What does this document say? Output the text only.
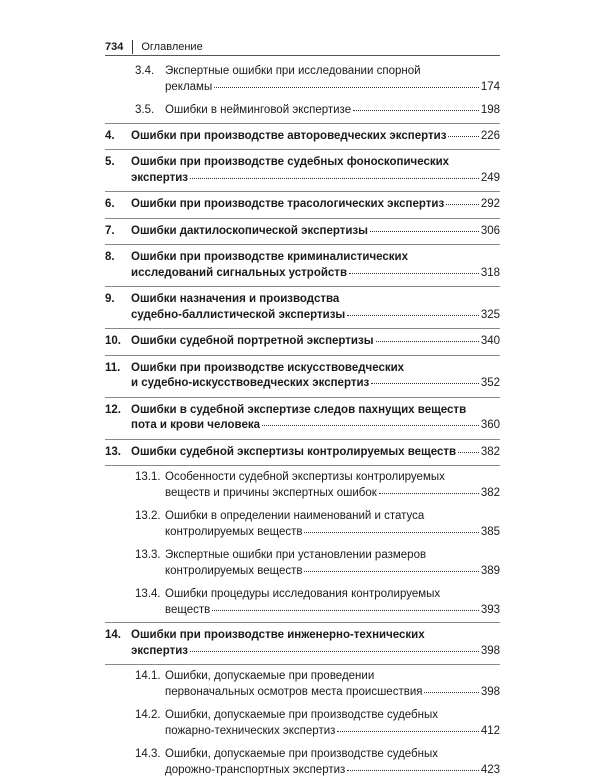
734 Оглавление
3.4. Экспертные ошибки при исследовании спорной
рекламы	174
3.5. Ошибки в нейминговой экспертизе	198
4. Ошибки при производстве автороведческих экспертиз	226
5. Ошибки при производстве судебных фоноскопических
экспертиз	249
6. Ошибки при производстве трасологических экспертиз	292
7. Ошибки дактилоскопической экспертизы	306
8. Ошибки при производстве криминалистических
исследований сигнальных устройств	318
9. Ошибки назначения и производства
судебно-баллистической экспертизы	325
10. Ошибки судебной портретной экспертизы	340
11. Ошибки при производстве искусствоведческих
и судебно-искусствоведческих экспертиз	352
12. Ошибки в судебной экспертизе следов пахнущих веществ
пота и крови человека	360
13. Ошибки судебной экспертизы контролируемых веществ 382
13.1. Особенности судебной экспертизы контролируемых
веществ и причины экспертных ошибок	382
13.2. Ошибки в определении наименований и статуса
контролируемых веществ	385
13.3. Экспертные ошибки при установлении размеров
контролируемых веществ	389
13.4. Ошибки процедуры исследования контролируемых
веществ	393
14. Ошибки при производстве инженерно-технических
экспертиз	398
14.1. Ошибки, допускаемые при проведении
первоначальных осмотров места происшествия	398
14.2. Ошибки, допускаемые при производстве судебных
пожарно-технических экспертиз	412
14.3. Ошибки, допускаемые при производстве судебных
дорожно-транспортных экспертиз	423
